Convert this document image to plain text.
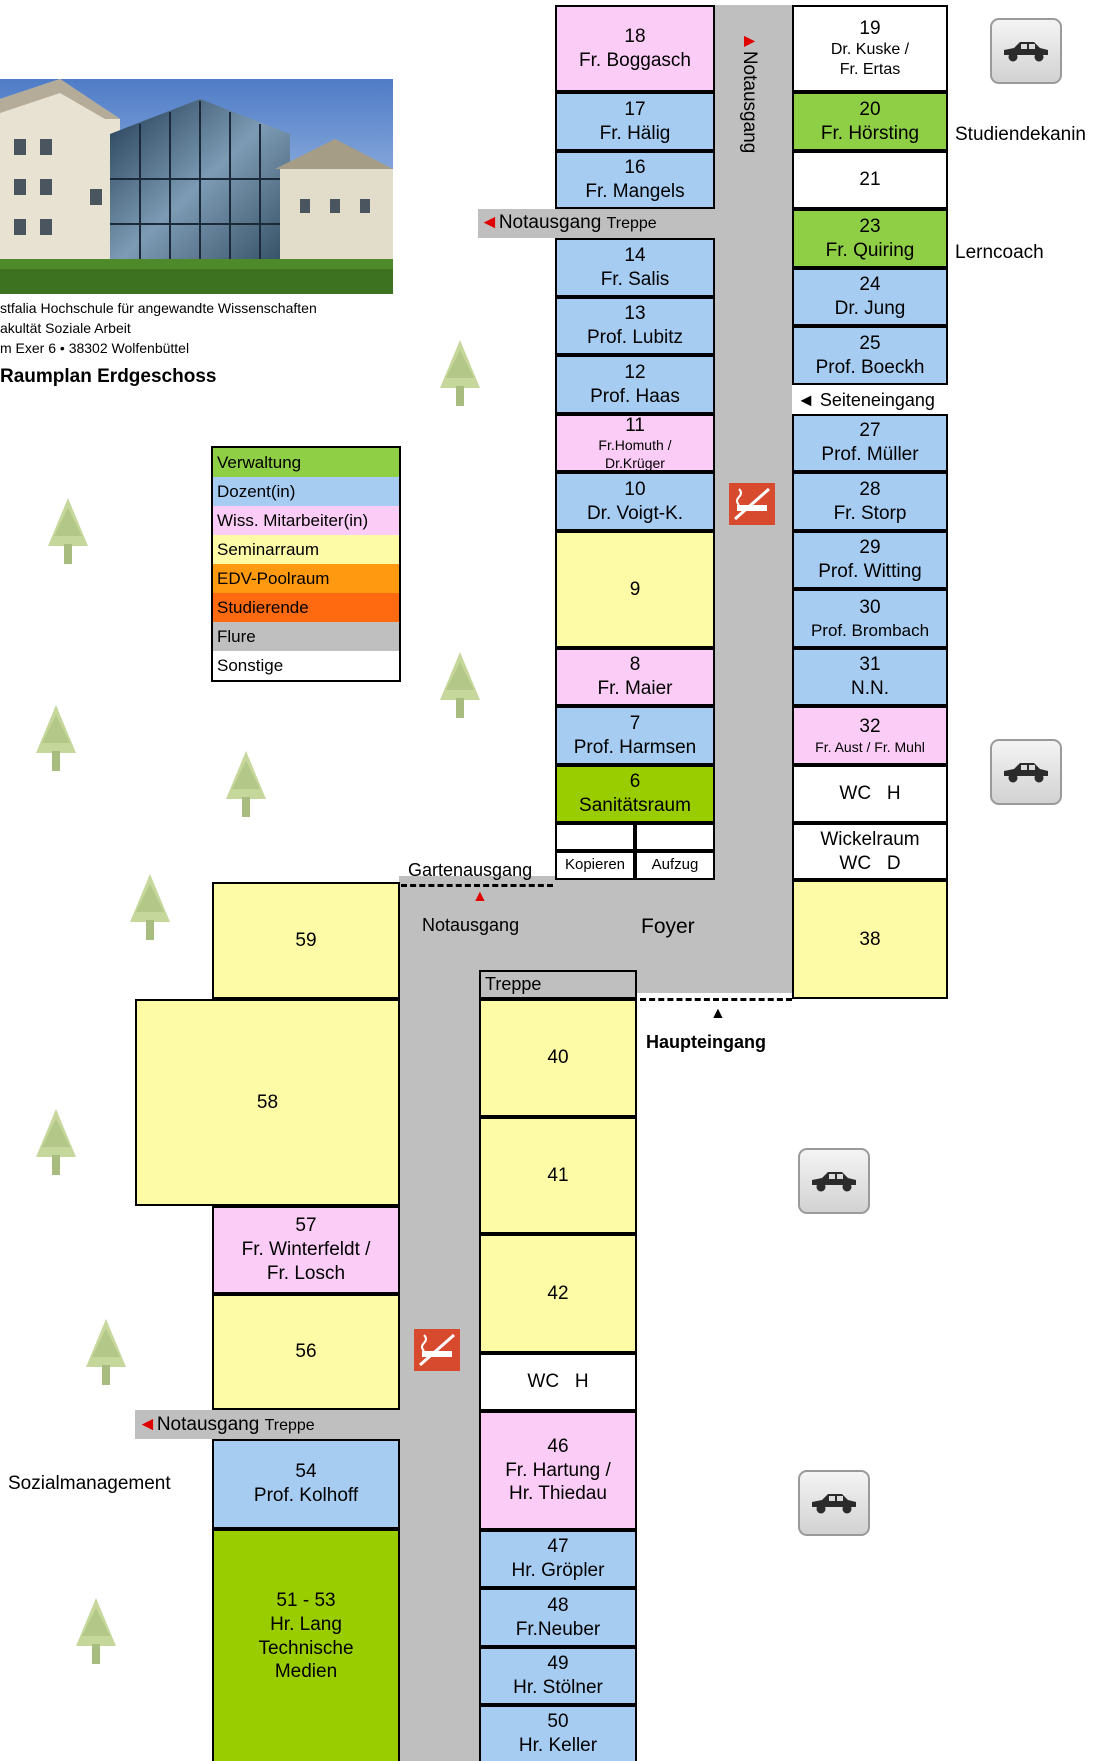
stfalia Hochschule für angewandte Wissenschaften
akultät Soziale Arbeit
m Exer 6 • 38302 Wolfenbüttel
Raumplan Erdgeschoss
Verwaltung
Dozent(in)
Wiss. Mitarbeiter(in)
Seminarraum
EDV-Poolraum
Studierende
Flure
Sonstige
18
Fr. Boggasch
17
Fr. Hälig
16
Fr. Mangels
14
Fr. Salis
13
Prof. Lubitz
12
Prof. Haas
11
Fr.Homuth /
Dr.Krüger
10
Dr. Voigt-K.
9
8
Fr. Maier
7
Prof. Harmsen
6
Sanitätsraum
Kopieren Aufzug
19
Dr. Kuske /
Fr. Ertas
20
Fr. Hörsting
21
23
Fr. Quiring
24
Dr. Jung
25
Prof. Boeckh
27
Prof. Müller
28
Fr. Storp
29
Prof. Witting
30
Prof. Brombach
31
N.N.
32
Fr. Aust / Fr. Muhl
WC   H
Wickelraum
WC   D
38
59
58
57
Fr. Winterfeldt /
Fr. Losch
56
54
Prof. Kolhoff
51 - 53
Hr. Lang
Technische
Medien
Treppe
40
41
42
WC   H
46
Fr. Hartung /
Hr. Thiedau
47
Hr. Gröpler
48
Fr.Neuber
49
Hr. Stölner
50
Hr. Keller
▲Notausgang
◄Notausgang Treppe
Studiendekanin
Lerncoach
◄ Seiteneingang
Gartenausgang
▲
Notausgang	Foyer
▲
Haupteingang
◄Notausgang Treppe
Sozialmanagement
